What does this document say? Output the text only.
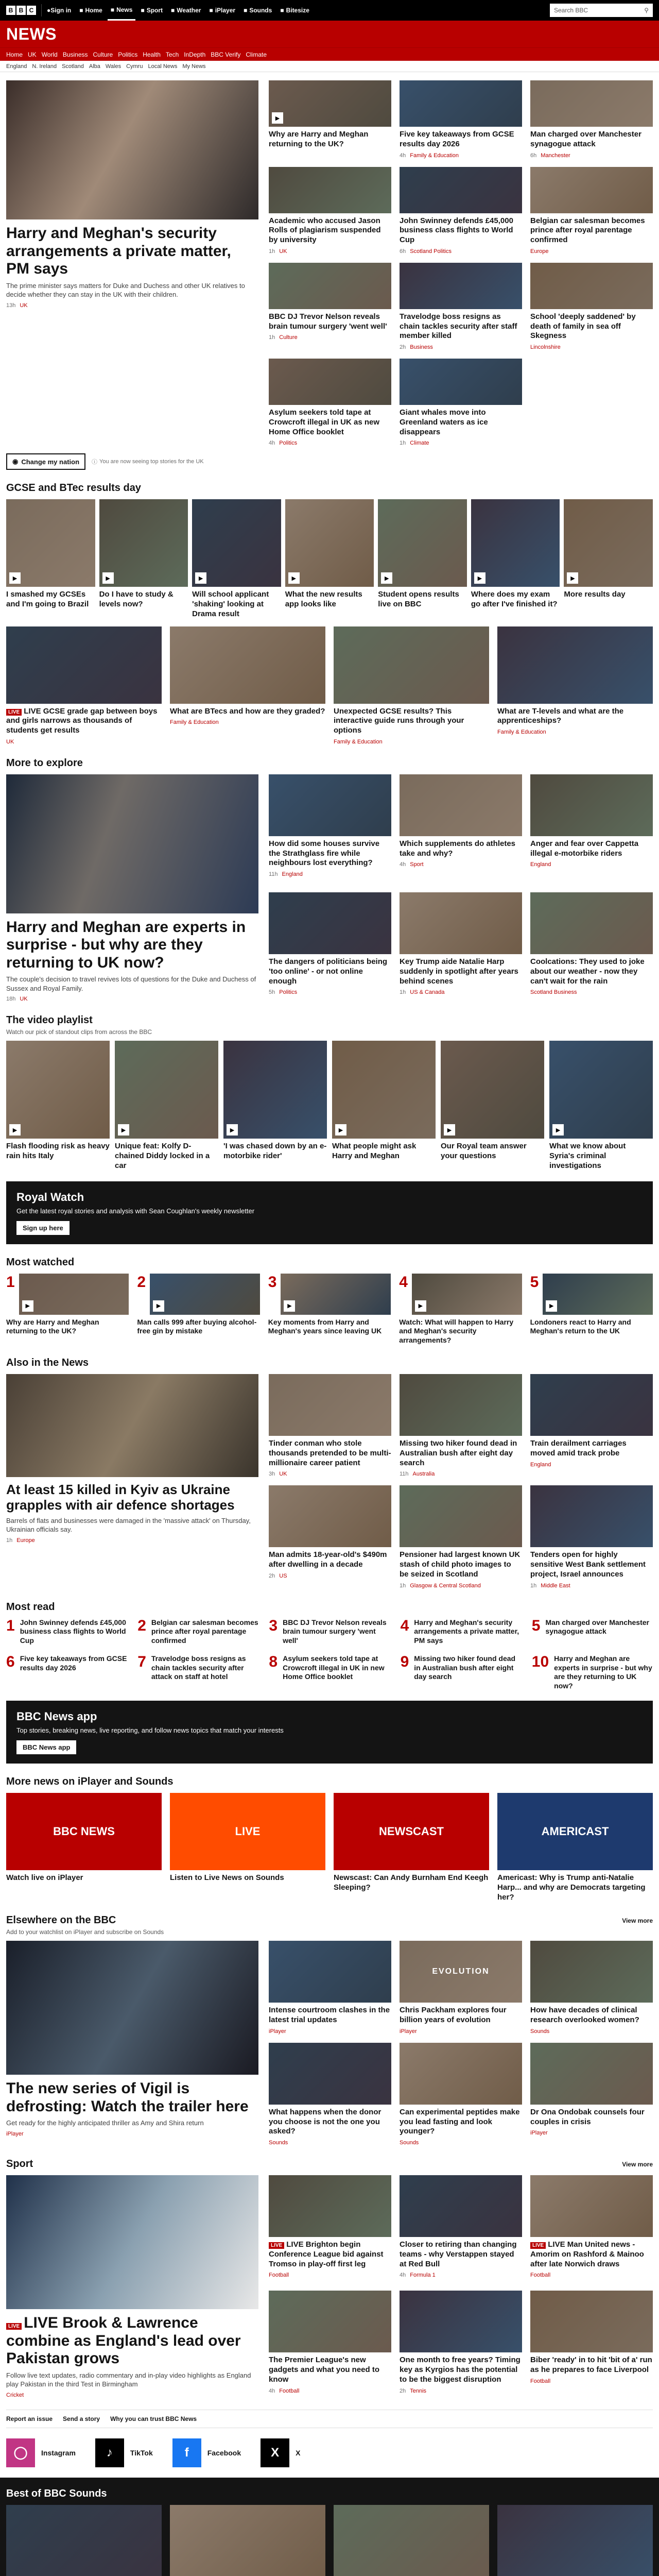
B B C	●Sign in ■ Home ■ News ■ Sport ■ Weather ■ iPlayer ■ Sounds ■ Bitesize	Search BBC	⚲
NEWS
Home UK World Business Culture Politics Health Tech InDepth BBC Verify Climate
England N. Ireland Scotland Alba Wales Cymru Local News My News
Harry and Meghan's security arrangements a private matter, PM says

The prime minister says matters for Duke and Duchess and other UK relatives to decide whether they can stay in the UK with their children.

13h UK
▶
Why are Harry and Meghan returning to the UK?
Five key takeaways from GCSE results day 2026
4h Family & Education
Man charged over Manchester synagogue attack
6h Manchester
Academic who accused Jason Rolls of plagiarism suspended by university
1h UK
John Swinney defends £45,000 business class flights to World Cup
6h Scotland Politics
Belgian car salesman becomes prince after royal parentage confirmed
Europe
BBC DJ Trevor Nelson reveals brain tumour surgery 'went well'
1h Culture
Travelodge boss resigns as chain tackles security after staff member killed
2h Business
School 'deeply saddened' by death of family in sea off Skegness
Lincolnshire
Asylum seekers told tape at Crowcroft illegal in UK as new Home Office booklet
4h Politics
Giant whales move into Greenland waters as ice disappears
1h Climate
◉ Change my nation ⓘ You are now seeing top stories for the UK
GCSE and BTec results day
▶
I smashed my GCSEs and I'm going to Brazil
▶
Do I have to study & levels now?
▶
Will school applicant 'shaking' looking at Drama result
▶
What the new results app looks like
▶
Student opens results live on BBC
▶
Where does my exam go after I've finished it?
▶
More results day
LIVE LIVE GCSE grade gap between boys and girls narrows as thousands of students get results
UK
What are BTecs and how are they graded?
Family & Education
Unexpected GCSE results? This interactive guide runs through your options
Family & Education
What are T-levels and what are the apprenticeships?
Family & Education
More to explore
Harry and Meghan are experts in surprise - but why are they returning to UK now?

The couple's decision to travel revives lots of questions for the Duke and Duchess of Sussex and Royal Family.

18h UK
How did some houses survive the Strathglass fire while neighbours lost everything?
11h England
Which supplements do athletes take and why?
4h Sport
Anger and fear over Cappetta illegal e-motorbike riders
England
The dangers of politicians being 'too online' - or not online enough
5h Politics
Key Trump aide Natalie Harp suddenly in spotlight after years behind scenes
1h US & Canada
Coolcations: They used to joke about our weather - now they can't wait for the rain
Scotland Business
The video playlist
Watch our pick of standout clips from across the BBC
▶
Flash flooding risk as heavy rain hits Italy
▶
Unique feat: Kolfy D-chained Diddy locked in a car
▶
'I was chased down by an e-motorbike rider'
▶
What people might ask Harry and Meghan
▶
Our Royal team answer your questions
▶
What we know about Syria's criminal investigations
Royal Watch

Get the latest royal stories and analysis with Sean Coughlan's weekly newsletter

Sign up here
Most watched
1
▶
Why are Harry and Meghan returning to the UK?
2
▶
Man calls 999 after buying alcohol-free gin by mistake
3
▶
Key moments from Harry and Meghan's years since leaving UK
4
▶
Watch: What will happen to Harry and Meghan's security arrangements?
5
▶
Londoners react to Harry and Meghan's return to the UK
Also in the News
At least 15 killed in Kyiv as Ukraine grapples with air defence shortages

Barrels of flats and businesses were damaged in the 'massive attack' on Thursday, Ukrainian officials say.

1h Europe
Tinder conman who stole thousands pretended to be multi-millionaire career patient
3h UK
Missing two hiker found dead in Australian bush after eight day search
11h Australia
Train derailment carriages moved amid track probe
England
Man admits 18-year-old's $490m after dwelling in a decade
2h US
Pensioner had largest known UK stash of child photo images to be seized in Scotland
1h Glasgow & Central Scotland
Tenders open for highly sensitive West Bank settlement project, Israel announces
1h Middle East
Most read
1 John Swinney defends £45,000 business class flights to World Cup
2 Belgian car salesman becomes prince after royal parentage confirmed
3 BBC DJ Trevor Nelson reveals brain tumour surgery 'went well'
4 Harry and Meghan's security arrangements a private matter, PM says
5 Man charged over Manchester synagogue attack
6 Five key takeaways from GCSE results day 2026	7 Travelodge boss resigns as chain tackles security after attack on staff at hotel
8 Asylum seekers told tape at Crowcroft illegal in UK in new Home Office booklet
9 Missing two hiker found dead in Australian bush after eight day search
10 Harry and Meghan are experts in surprise - but why are they returning to UK now?
BBC News app

Top stories, breaking news, live reporting, and follow news topics that match your interests

BBC News app
More news on iPlayer and Sounds
BBC NEWS
Watch live on iPlayer
LIVE
Listen to Live News on Sounds
NEWSCAST
Newscast: Can Andy Burnham End Keegh Sleeping?
AMERICAST
Americast: Why is Trump anti-Natalie Harp... and why are Democrats targeting her?
Elsewhere on the BBC	View more
Add to your watchlist on iPlayer and subscribe on Sounds
The new series of Vigil is defrosting: Watch the trailer here

Get ready for the highly anticipated thriller as Amy and Shira return

iPlayer
Intense courtroom clashes in the latest trial updates
iPlayer
EVOLUTION
Chris Packham explores four billion years of evolution
iPlayer
How have decades of clinical research overlooked women?
Sounds
What happens when the donor you choose is not the one you asked?
Sounds
Can experimental peptides make you lead fasting and look younger?
Sounds
Dr Ona Ondobak counsels four couples in crisis
iPlayer
Sport	View more
LIVE LIVE Brook & Lawrence combine as England's lead over Pakistan grows

Follow live text updates, radio commentary and in-play video highlights as England play Pakistan in the third Test in Birmingham

Cricket
LIVE LIVE Brighton begin Conference League bid against Tromso in play-off first leg
Football
Closer to retiring than changing teams - why Verstappen stayed at Red Bull
4h Formula 1
LIVE LIVE Man United news - Amorim on Rashford & Mainoo after late Norwich draws
Football
The Premier League's new gadgets and what you need to know
4h Football
One month to free years? Timing key as Kyrgios has the potential to be the biggest disruption
2h Tennis
Biber 'ready' in to hit 'bit of a' run as he prepares to face Liverpool
Football
Report an issue Send a story Why you can trust BBC News
◯	Instagram	♪	TikTok	f	Facebook	X	X
Best of BBC Sounds
